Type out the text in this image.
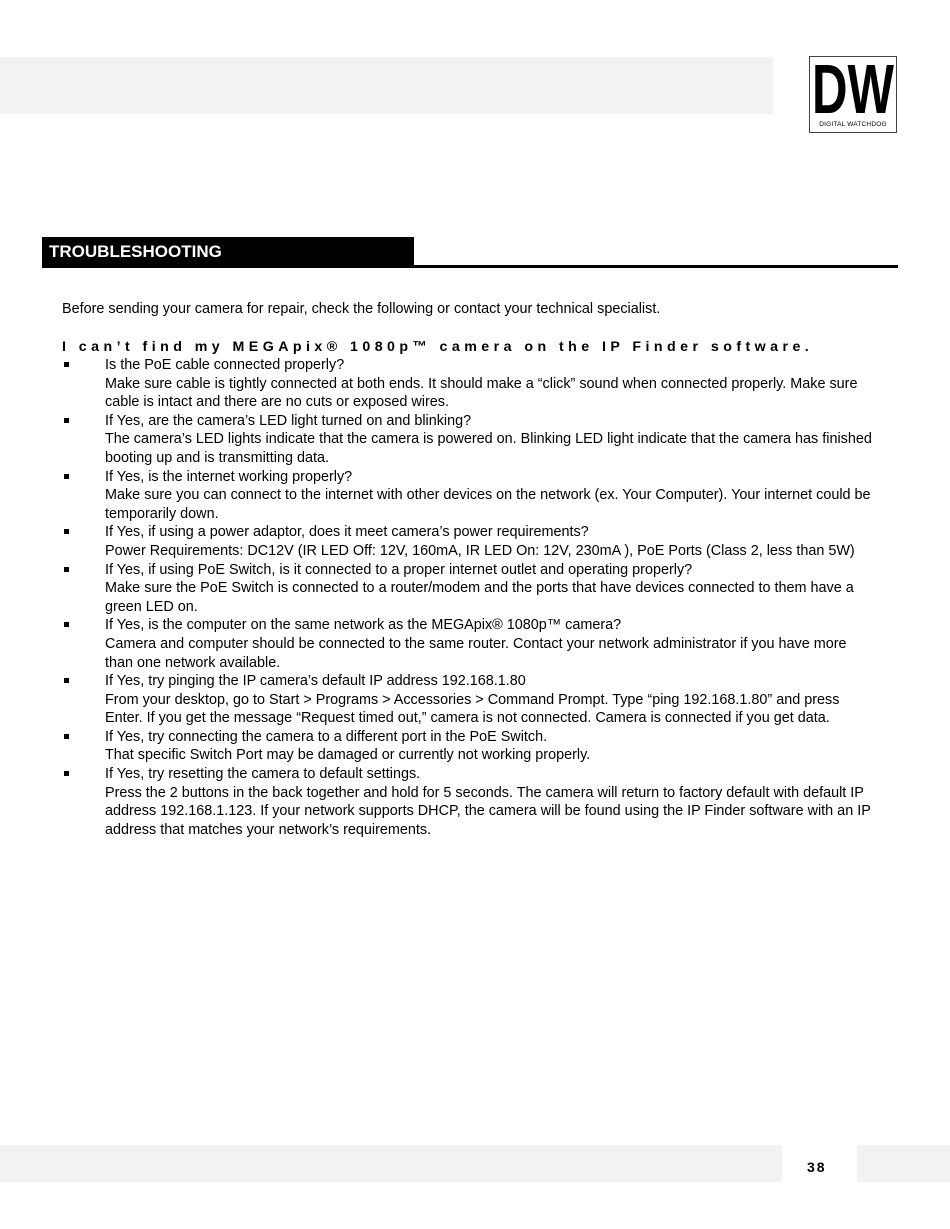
DW
DIGITAL WATCHDOG
TROUBLESHOOTING
Before sending your camera for repair, check the following or contact your technical specialist.
I can’t find my MEGApix® 1080p™ camera on the IP Finder software.
Is the PoE cable connected properly?
Make sure cable is tightly connected at both ends. It should make a “click” sound when connected properly. Make sure cable is intact and there are no cuts or exposed wires.
If Yes, are the camera’s LED light turned on and blinking?
The camera’s LED lights indicate that the camera is powered on. Blinking LED light indicate that the camera has finished booting up and is transmitting data.
If Yes, is the internet working properly?
Make sure you can connect to the internet with other devices on the network (ex. Your Computer). Your internet could be temporarily down.
If Yes, if using a power adaptor, does it meet camera’s power requirements?
Power Requirements: DC12V (IR LED Off: 12V, 160mA, IR LED On: 12V, 230mA ), PoE Ports (Class 2, less than 5W)
If Yes, if using PoE Switch, is it connected to a proper internet outlet and operating properly?
Make sure the PoE Switch is connected to a router/modem and the ports that have devices connected to them have a green LED on.
If Yes, is the computer on the same network as the MEGApix® 1080p™ camera?
Camera and computer should be connected to the same router. Contact your network administrator if you have more than one network available.
If Yes, try pinging the IP camera’s default IP address 192.168.1.80
From your desktop, go to Start > Programs > Accessories > Command Prompt. Type “ping 192.168.1.80” and press Enter. If you get the message “Request timed out,” camera is not connected. Camera is connected if you get data.
If Yes, try connecting the camera to a different port in the PoE Switch.
That specific Switch Port may be damaged or currently not working properly.
If Yes, try resetting the camera to default settings.
Press the 2 buttons in the back together and hold for 5 seconds. The camera will return to factory default with default IP address 192.168.1.123. If your network supports DHCP, the camera will be found using the IP Finder software with an IP address that matches your network’s requirements.
38
